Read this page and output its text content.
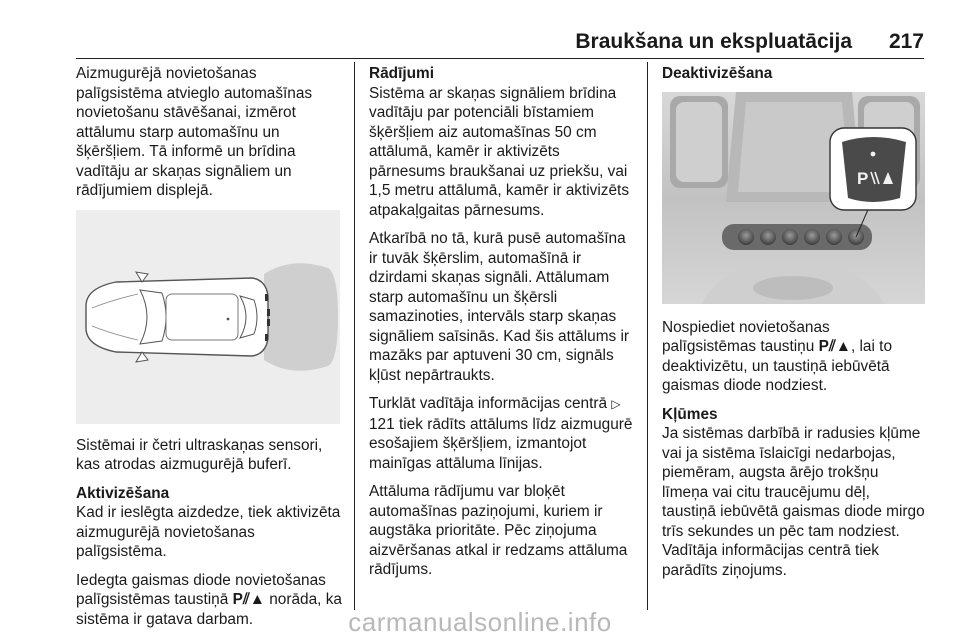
Braukšana un ekspluatācija 217

Aizmugurējā novietošanas palīgsistēma atvieglo automašīnas novietošanu stāvēšanai, izmērot attālumu starp automašīnu un šķēršļiem. Tā informē un brīdina vadītāju ar skaņas signāliem un rādījumiem displejā.

Sistēmai ir četri ultraskaņas sensori, kas atrodas aizmugurējā buferī.

Aktivizēšana

Kad ir ieslēgta aizdedze, tiek aktivizēta aizmugurējā novietošanas palīgsistēma.

Iedegta gaismas diode novietošanas palīgsistēmas taustiņā P⫽▲ norāda, ka sistēma ir gatava darbam.

Rādījumi

Sistēma ar skaņas signāliem brīdina vadītāju par potenciāli bīstamiem šķēršļiem aiz automašīnas 50 cm attālumā, kamēr ir aktivizēts pārnesums braukšanai uz priekšu, vai 1,5 metru attālumā, kamēr ir aktivizēts atpakaļgaitas pārnesums.

Atkarībā no tā, kurā pusē automašīna ir tuvāk šķērslim, automašīnā ir dzirdami skaņas signāli. Attālumam starp automašīnu un šķērsli samazinoties, intervāls starp skaņas signāliem saīsinās. Kad šis attālums ir mazāks par aptuveni 30 cm, signāls kļūst nepārtraukts.

Turklāt vadītāja informācijas centrā ▷ 121 tiek rādīts attālums līdz aizmugurē esošajiem šķēršļiem, izmantojot mainīgas attāluma līnijas.

Attāluma rādījumu var bloķēt automašīnas paziņojumi, kuriem ir augstāka prioritāte. Pēc ziņojuma aizvēršanas atkal ir redzams attāluma rādījums.

Deaktivizēšana
P

Nospiediet novietošanas palīgsistēmas taustiņu P⫽▲, lai to deaktivizētu, un taustiņā iebūvētā gaismas diode nodziest.

Kļūmes

Ja sistēmas darbībā ir radusies kļūme vai ja sistēma īslaicīgi nedarbojas, piemēram, augsta ārējo trokšņu līmeņa vai citu traucējumu dēļ, taustiņā iebūvētā gaismas diode mirgo trīs sekundes un pēc tam nodziest. Vadītāja informācijas centrā tiek parādīts ziņojums.

carmanualsonline.info
